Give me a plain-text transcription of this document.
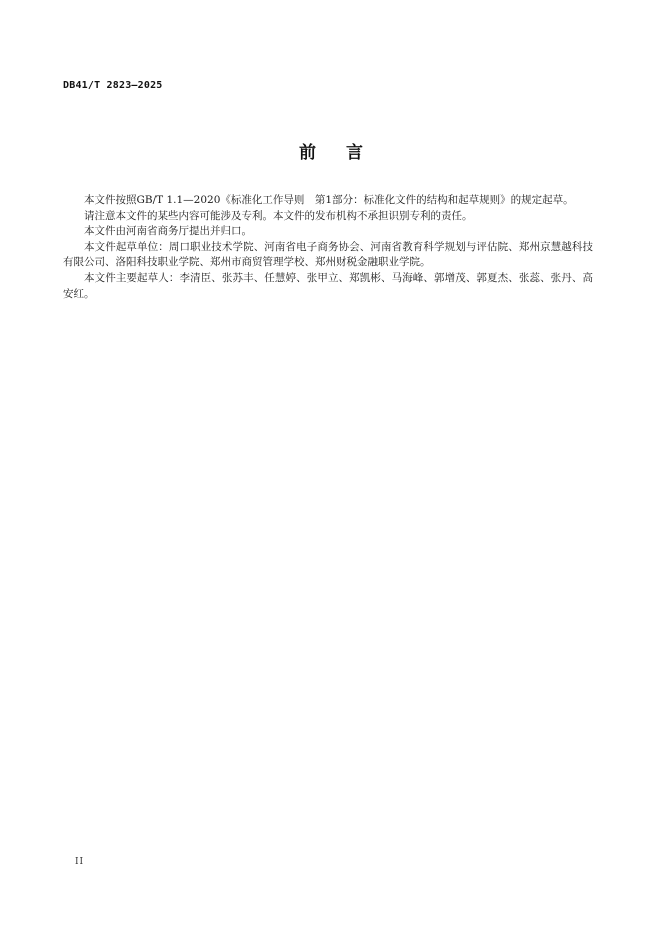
DB41/T 2823—2025
前言

本文件按照GB/T 1.1—2020《标准化工作导则　第1部分：标准化文件的结构和起草规则》的规定起草。

请注意本文件的某些内容可能涉及专利。本文件的发布机构不承担识别专利的责任。

本文件由河南省商务厅提出并归口。

本文件起草单位：周口职业技术学院、河南省电子商务协会、河南省教育科学规划与评估院、郑州京慧越科技有限公司、洛阳科技职业学院、郑州市商贸管理学校、郑州财税金融职业学院。

本文件主要起草人：李清臣、张苏丰、任慧婷、张甲立、郑凯彬、马海峰、郭增茂、郭夏杰、张蕊、张丹、高安红。

II
